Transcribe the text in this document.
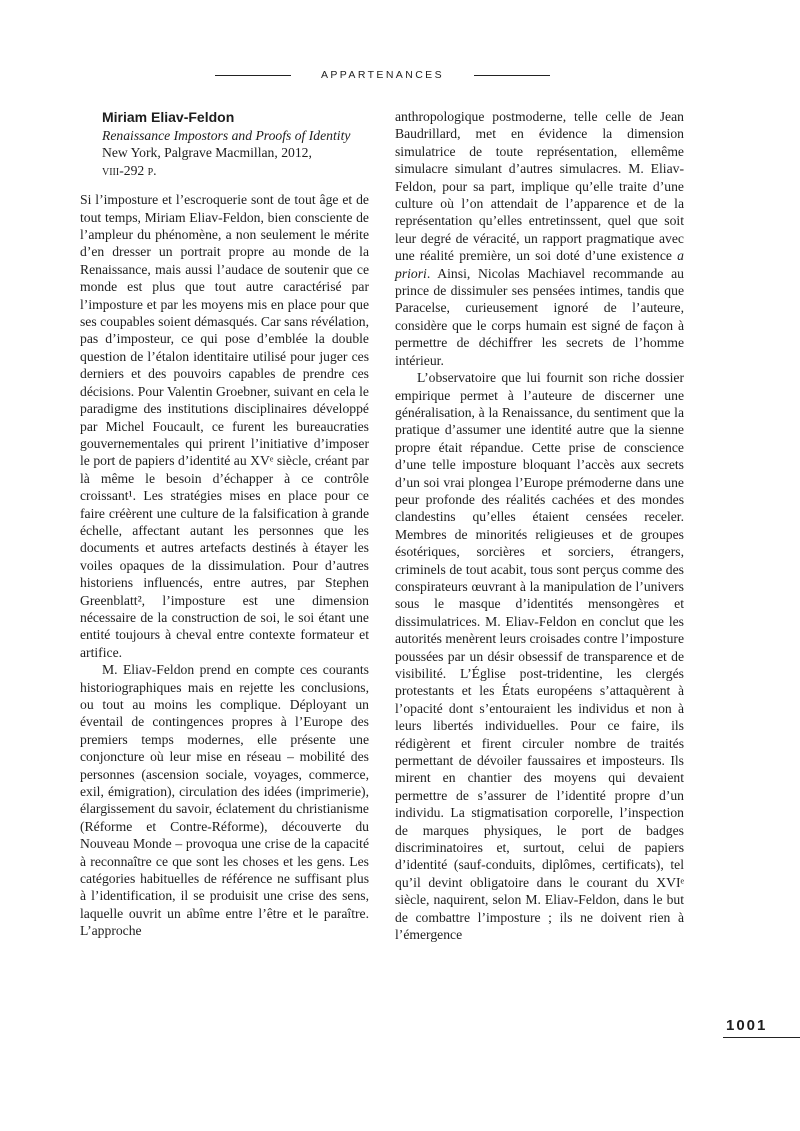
APPARTENANCES
Miriam Eliav-Feldon
Renaissance Impostors and Proofs of Identity
New York, Palgrave Macmillan, 2012,
viii-292 p.

Si l’imposture et l’escroquerie sont de tout âge et de tout temps, Miriam Eliav-Feldon, bien consciente de l’ampleur du phénomène, a non seulement le mérite d’en dresser un portrait propre au monde de la Renaissance, mais aussi l’audace de soutenir que ce monde est plus que tout autre caractérisé par l’imposture et par les moyens mis en place pour que ses coupables soient démasqués. Car sans révélation, pas d’imposteur, ce qui pose d’emblée la double question de l’étalon identitaire utilisé pour juger ces derniers et des pouvoirs capables de prendre ces décisions. Pour Valentin Groebner, suivant en cela le paradigme des institutions disciplinaires développé par Michel Foucault, ce furent les bureaucraties gouvernementales qui prirent l’initiative d’imposer le port de papiers d’identité au XVᵉ siècle, créant par là même le besoin d’échapper à ce contrôle croissant¹. Les stratégies mises en place pour ce faire créèrent une culture de la falsification à grande échelle, affectant autant les personnes que les documents et autres artefacts destinés à étayer les voiles opaques de la dissimulation. Pour d’autres historiens influencés, entre autres, par Stephen Greenblatt², l’imposture est une dimension nécessaire de la construction de soi, le soi étant une entité toujours à cheval entre contexte formateur et artifice.

M. Eliav-Feldon prend en compte ces courants historiographiques mais en rejette les conclusions, ou tout au moins les complique. Déployant un éventail de contingences propres à l’Europe des premiers temps modernes, elle présente une conjoncture où leur mise en réseau – mobilité des personnes (ascension sociale, voyages, commerce, exil, émigration), circulation des idées (imprimerie), élargissement du savoir, éclatement du christianisme (Réforme et Contre-Réforme), découverte du Nouveau Monde – provoqua une crise de la capacité à reconnaître ce que sont les choses et les gens. Les catégories habituelles de référence ne suffisant plus à l’identification, il se produisit une crise des sens, laquelle ouvrit un abîme entre l’être et le paraître. L’approche

anthropologique postmoderne, telle celle de Jean Baudrillard, met en évidence la dimension simulatrice de toute représentation, ellemême simulacre simulant d’autres simulacres. M. Eliav-Feldon, pour sa part, implique qu’elle traite d’une culture où l’on attendait de l’apparence et de la représentation qu’elles entretinssent, quel que soit leur degré de véracité, un rapport pragmatique avec une réalité première, un soi doté d’une existence a priori. Ainsi, Nicolas Machiavel recommande au prince de dissimuler ses pensées intimes, tandis que Paracelse, curieusement ignoré de l’auteure, considère que le corps humain est signé de façon à permettre de déchiffrer les secrets de l’homme intérieur.

L’observatoire que lui fournit son riche dossier empirique permet à l’auteure de discerner une généralisation, à la Renaissance, du sentiment que la pratique d’assumer une identité autre que la sienne propre était répandue. Cette prise de conscience d’une telle imposture bloquant l’accès aux secrets d’un soi vrai plongea l’Europe prémoderne dans une peur profonde des réalités cachées et des mondes clandestins qu’elles étaient censées receler. Membres de minorités religieuses et de groupes ésotériques, sorcières et sorciers, étrangers, criminels de tout acabit, tous sont perçus comme des conspirateurs œuvrant à la manipulation de l’univers sous le masque d’identités mensongères et dissimulatrices. M. Eliav-Feldon en conclut que les autorités menèrent leurs croisades contre l’imposture poussées par un désir obsessif de transparence et de visibilité. L’Église post-tridentine, les clergés protestants et les États européens s’attaquèrent à l’opacité dont s’entouraient les individus et non à leurs libertés individuelles. Pour ce faire, ils rédigèrent et firent circuler nombre de traités permettant de dévoiler faussaires et imposteurs. Ils mirent en chantier des moyens qui devaient permettre de s’assurer de l’identité propre d’un individu. La stigmatisation corporelle, l’inspection de marques physiques, le port de badges discriminatoires et, surtout, celui de papiers d’identité (sauf-conduits, diplômes, certificats), tel qu’il devint obligatoire dans le courant du XVIᵉ siècle, naquirent, selon M. Eliav-Feldon, dans le but de combattre l’imposture ; ils ne doivent rien à l’émergence

1001
